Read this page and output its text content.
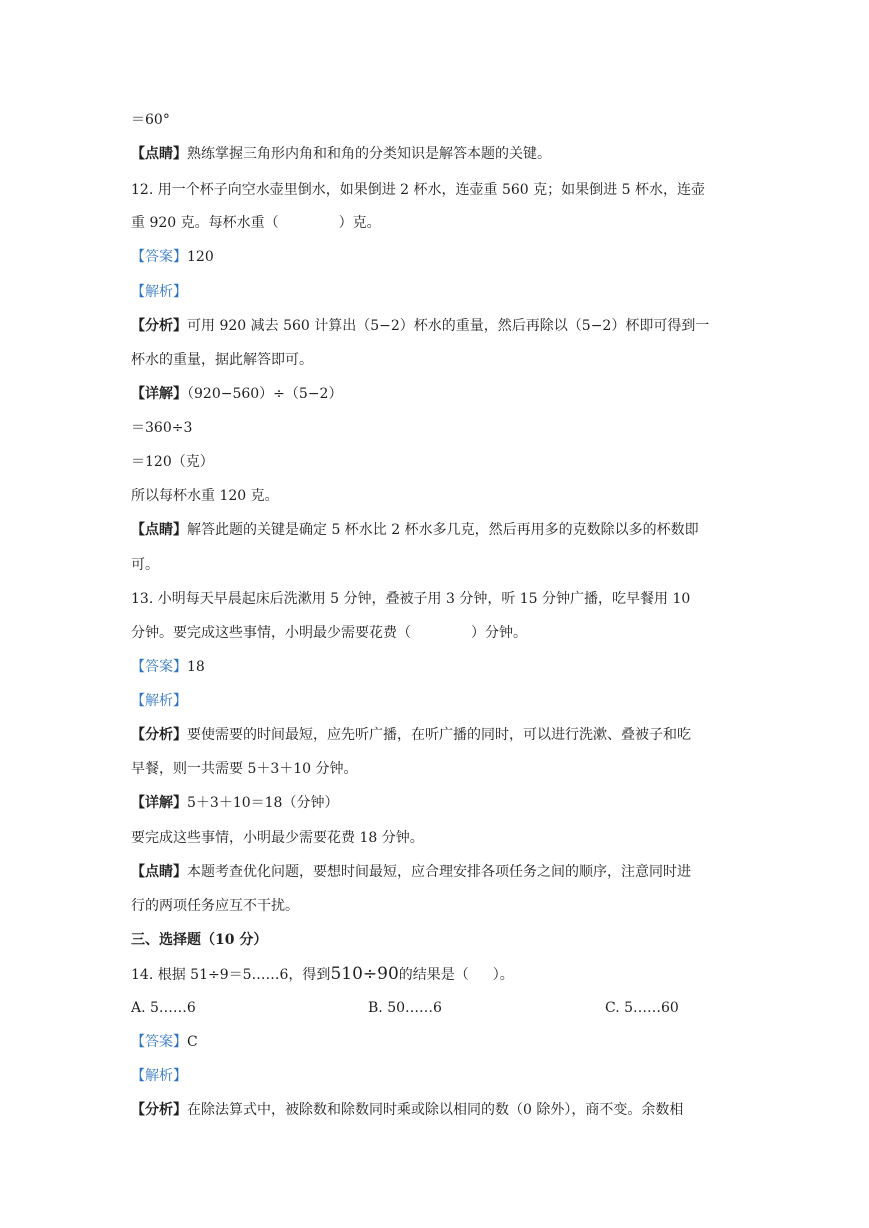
＝60°
【点睛】熟练掌握三角形内角和和角的分类知识是解答本题的关键。
12. 用一个杯子向空水壶里倒水，如果倒进 2 杯水，连壶重 560 克；如果倒进 5 杯水，连壶
重 920 克。每杯水重（	）克。
【答案】120
【解析】
【分析】可用 920 减去 560 计算出（5−2）杯水的重量，然后再除以（5−2）杯即可得到一
杯水的重量，据此解答即可。
【详解】（920−560）÷（5−2）
＝360÷3
＝120（克）
所以每杯水重 120 克。
【点睛】解答此题的关键是确定 5 杯水比 2 杯水多几克，然后再用多的克数除以多的杯数即
可。
13. 小明每天早晨起床后洗漱用 5 分钟，叠被子用 3 分钟，听 15 分钟广播，吃早餐用 10
分钟。要完成这些事情，小明最少需要花费（	）分钟。
【答案】18
【解析】
【分析】要使需要的时间最短，应先听广播，在听广播的同时，可以进行洗漱、叠被子和吃
早餐，则一共需要 5＋3＋10 分钟。
【详解】5＋3＋10＝18（分钟）
要完成这些事情，小明最少需要花费 18 分钟。
【点睛】本题考查优化问题，要想时间最短，应合理安排各项任务之间的顺序，注意同时进
行的两项任务应互不干扰。
三、选择题（10 分）
14. 根据 51÷9＝5……6，得到510÷90的结果是（ ）。
A. 5……6	B. 50……6	C. 5……60
【答案】C
【解析】
【分析】在除法算式中，被除数和除数同时乘或除以相同的数（0 除外），商不变。余数相
